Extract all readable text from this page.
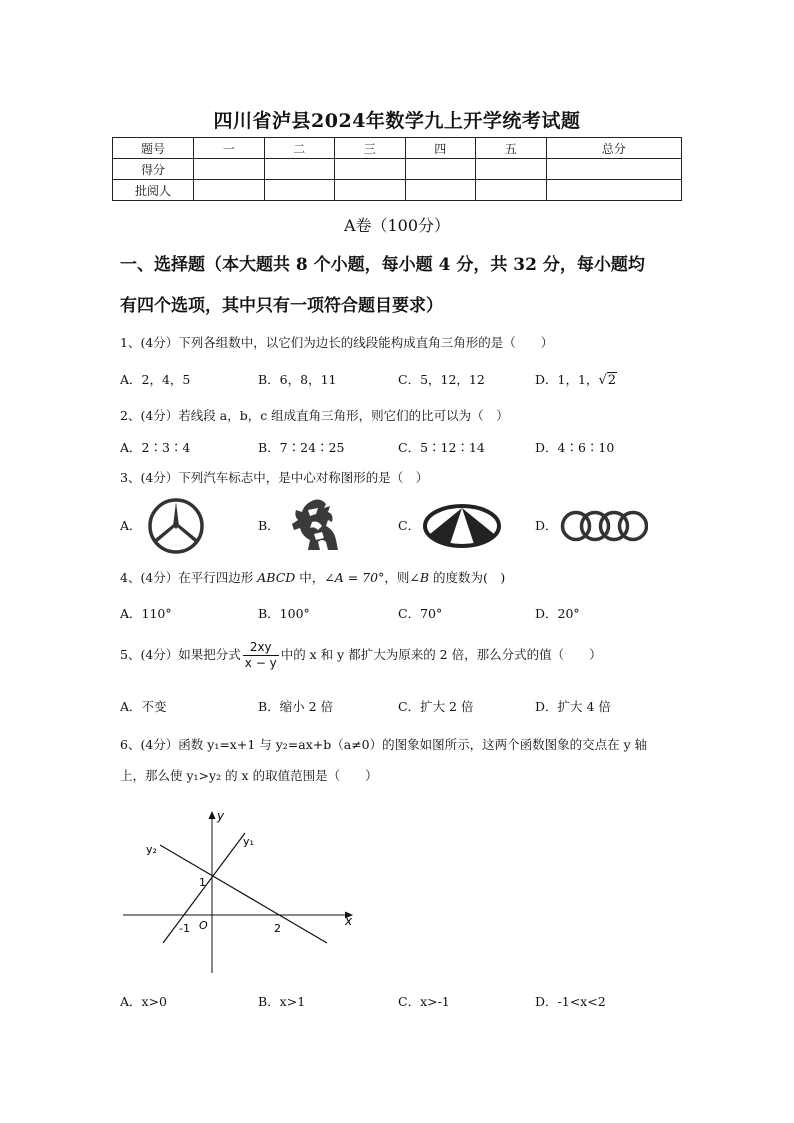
四川省泸县2024年数学九上开学统考试题
题号	一	二	三	四	五	总分
得分						
批阅人						
A卷（100分）
一、选择题（本大题共 8 个小题，每小题 4 分，共 32 分，每小题均
有四个选项，其中只有一项符合题目要求）
1、(4分）下列各组数中，以它们为边长的线段能构成直角三角形的是（　　）
A．2，4，5	B．6，8，11	C．5，12，12	D．1，1，√2
2、(4分）若线段 a，b，c 组成直角三角形，则它们的比可以为（　）
A．2∶3∶4	B．7∶24∶25	C．5∶12∶14	D．4∶6∶10
3、(4分）下列汽车标志中，是中心对称图形的是（　）
A．	B．	C．	D．
4、(4分）在平行四边形 ABCD 中，∠A = 70°，则∠B 的度数为(　)
A．110°	B．100°	C．70°	D．20°
5、(4分）如果把分式 $\frac{2xy}{x - y}$ 中的 x 和 y 都扩大为原来的 2 倍，那么分式的值（　　）
A．不变	B．缩小 2 倍	C．扩大 2 倍	D．扩大 4 倍
6、(4分）函数 y₁=x+1 与 y₂=ax+b（a≠0）的图象如图所示，这两个函数图象的交点在 y 轴
上，那么使 y₁>y₂ 的 x 的取值范围是（　　）
y
x
O
y₁
y₂
1
-1	2
A．x>0	B．x>1	C．x>-1	D．-1<x<2
